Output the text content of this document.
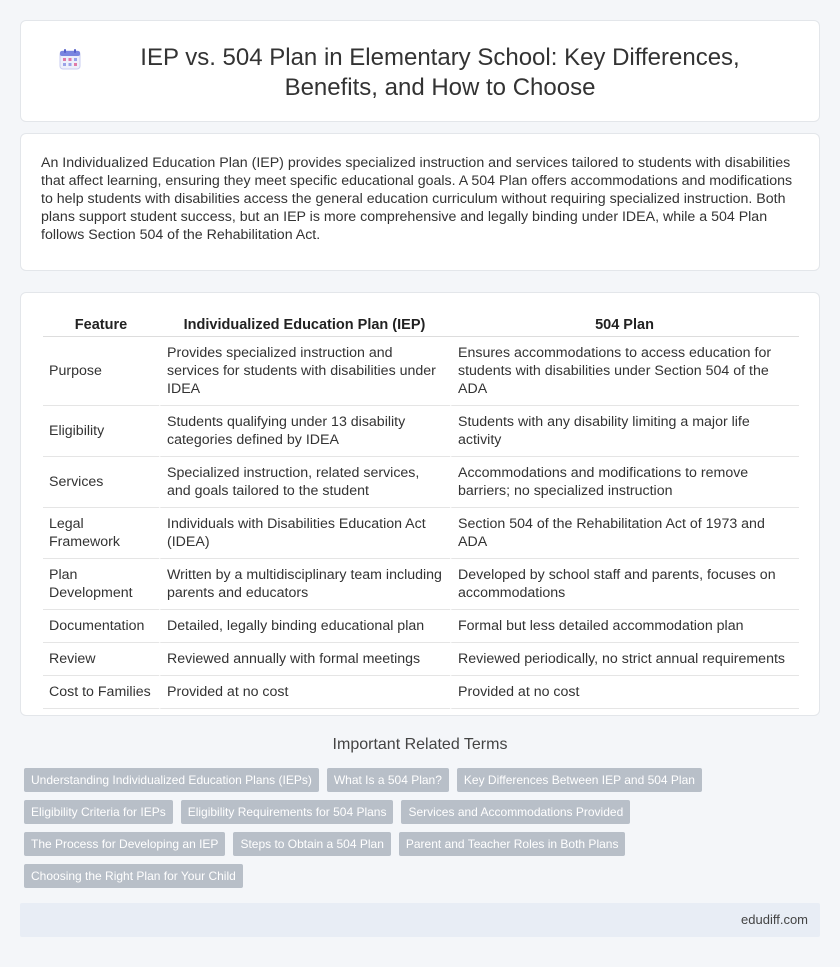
IEP vs. 504 Plan in Elementary School: Key Differences, Benefits, and How to Choose

An Individualized Education Plan (IEP) provides specialized instruction and services tailored to students with disabilities that affect learning, ensuring they meet specific educational goals. A 504 Plan offers accommodations and modifications to help students with disabilities access the general education curriculum without requiring specialized instruction. Both plans support student success, but an IEP is more comprehensive and legally binding under IDEA, while a 504 Plan follows Section 504 of the Rehabilitation Act.

Feature	Individualized Education Plan (IEP)	504 Plan
Purpose	Provides specialized instruction and services for students with disabilities under IDEA	Ensures accommodations to access education for students with disabilities under Section 504 of the ADA
Eligibility	Students qualifying under 13 disability categories defined by IDEA	Students with any disability limiting a major life activity
Services	Specialized instruction, related services, and goals tailored to the student	Accommodations and modifications to remove barriers; no specialized instruction
Legal Framework	Individuals with Disabilities Education Act (IDEA)	Section 504 of the Rehabilitation Act of 1973 and ADA
Plan Development	Written by a multidisciplinary team including parents and educators	Developed by school staff and parents, focuses on accommodations
Documentation	Detailed, legally binding educational plan	Formal but less detailed accommodation plan
Review	Reviewed annually with formal meetings	Reviewed periodically, no strict annual requirements
Cost to Families	Provided at no cost	Provided at no cost
Important Related Terms
Understanding Individualized Education Plans (IEPs)	What Is a 504 Plan?	Key Differences Between IEP and 504 Plan
Eligibility Criteria for IEPs	Eligibility Requirements for 504 Plans	Services and Accommodations Provided
The Process for Developing an IEP	Steps to Obtain a 504 Plan	Parent and Teacher Roles in Both Plans
Choosing the Right Plan for Your Child
edudiff.com
